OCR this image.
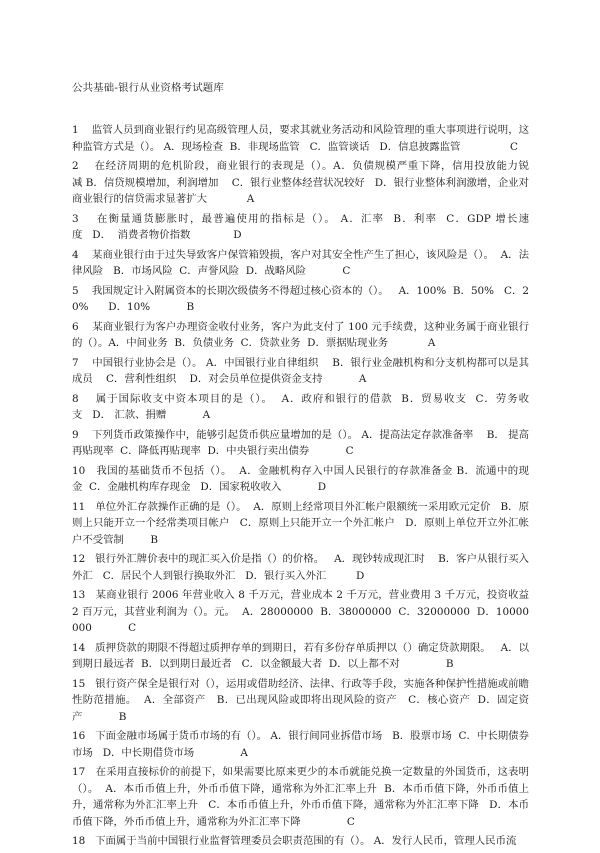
公共基础-银行从业资格考试题库

1    监管人员到商业银行约见高级管理人员，要求其就业务活动和风险管理的重大事项进行说明，这种监管方式是（）。 A．现场检查  B．非现场监管   C．监管谈话   D．信息披露监管               C

2    在经济周期的危机阶段，商业银行的表现是（）。A．负债规模严重下降，信用投放能力锐减 B．信贷规模增加，利润增加    C．银行业整体经营状况较好   D．银行业整体利润激增，企业对商业银行的信贷需求显著扩大            A

3    在衡量通货膨胀时，最普遍使用的指标是（）。 A．汇率  B．利率  C．GDP 增长速度   D．  消费者物价指数             D

4    某商业银行由于过失导致客户保管箱毁损，客户对其安全性产生了担心，该风险是（）。  A．法律风险   B．市场风险  C．声誉风险  D．战略风险           C

5    我国规定计入附属资本的长期次级债务不得超过核心资本的（）。   A．100%  B．50%   C．20%      D．10%           B

6    某商业银行为客户办理资金收付业务，客户为此支付了 100 元手续费，这种业务属于商业银行的（）。A．中间业务  B．负债业务  C．贷款业务  D．票据贴现业务            A

7    中国银行业协会是（）。 A．中国银行业自律组织    B．银行业金融机构和分支机构都可以是其成员    C．营利性组织    D．对会员单位提供资金支持           A

8    属于国际收支中资本项目的是（）。  A．政府和银行的借款  B．贸易收支  C．劳务收支   D． 汇款、捐赠           A

9    下列货币政策操作中，能够引起货币供应量增加的是（）。 A．提高法定存款准备率    B． 提高再贴现率  C．降低再贴现率  D．中央银行卖出债券           C

10   我国的基础货币不包括（）。  A．金融机构存入中国人民银行的存款准备金 B．流通中的现金  C．金融机构库存现金   D．国家税收收入           D

11   单位外汇存款操作正确的是（）。  A．原则上经常项目外汇帐户限额统一采用欧元定价   B．原则上只能开立一个经常类项目帐户   C．原则上只能开立一个外汇帐户   D．原则上单位开立外汇帐户不受管制        B

12   银行外汇牌价表中的现汇买入价是指（）的价格。   A．现钞转成现汇时    B．客户从银行买入外汇   C．居民个人到银行换取外汇   D．银行买入外汇         D

13   某商业银行 2006 年营业收入 8 千万元，营业成本 2 千万元，营业费用 3 千万元，投资收益 2 百万元，其营业利润为（）。元。  A．28000000  B．38000000  C．32000000  D．10000000           C

14   质押贷款的期限不得超过质押存单的到期日，若有多份存单质押以（）确定贷款期限。   A．以到期日最远者  B．以到期日最近者   C．以金额最大者  D．以上都不对              B

15   银行资产保全是银行对（），运用或借助经济、法律、行政等手段，实施各种保护性措施或前瞻性防范措施。  A．全部资产   B．已出现风险或即将出现风险的资产   C．核心资产  D．固定资产           B

16   下面金融市场属于货币市场的有（）。 A．银行间同业拆借市场   B．股票市场  C．中长期债券市场   D．中长期借贷市场              A

17   在采用直接标价的前提下，如果需要比原来更少的本币就能兑换一定数量的外国货币，这表明（）。  A．本币币值上升，外币币值下降，通常称为外汇汇率上升  B．本币币值下降，外币币值上升，通常称为外汇汇率上升   C．本币币值上升，外币币值下降，通常称为外汇汇率下降   D．本币币值下降，外币币值上升，通常称为外汇汇率下降              C

18   下面属于当前中国银行业监督管理委员会职责范围的有（）。 A．发行人民币，管理人民币流
